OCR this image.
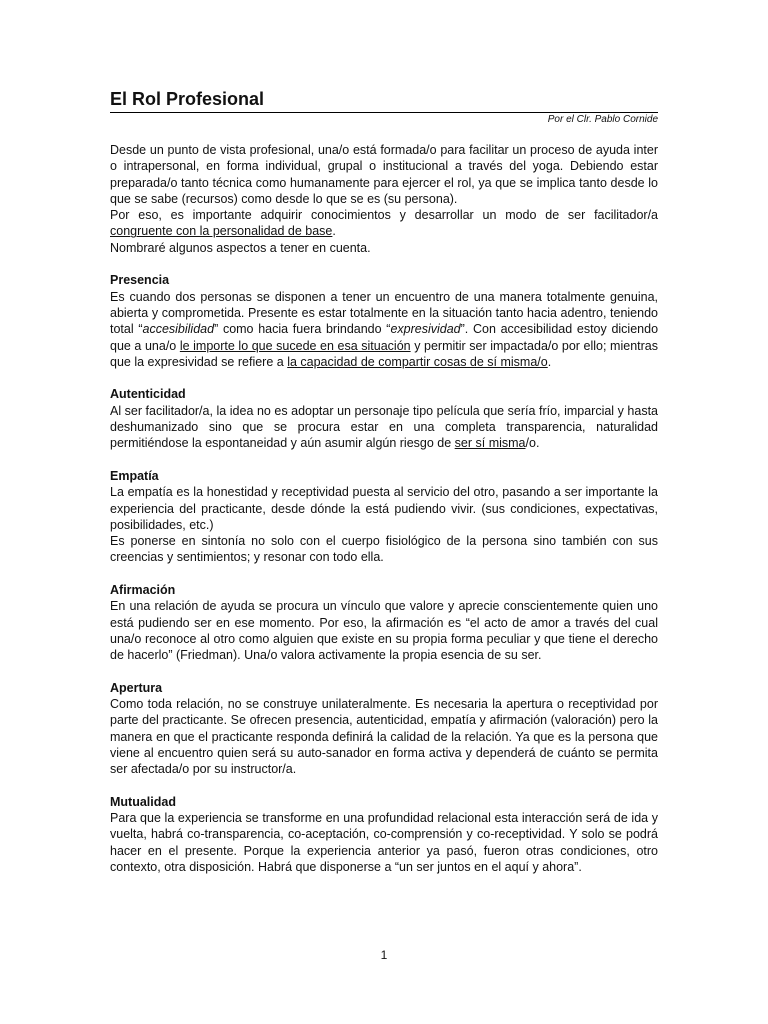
El Rol Profesional
Por el Clr. Pablo Cornide

Desde un punto de vista profesional, una/o está formada/o para facilitar un proceso de ayuda inter o intrapersonal, en forma individual, grupal o institucional a través del yoga. Debiendo estar preparada/o tanto técnica como humanamente para ejercer el rol, ya que se implica tanto desde lo que se sabe (recursos) como desde lo que se es (su persona).

Por eso, es importante adquirir conocimientos y desarrollar un modo de ser facilitador/a congruente con la personalidad de base.

Nombraré algunos aspectos a tener en cuenta.

Presencia

Es cuando dos personas se disponen a tener un encuentro de una manera totalmente genuina, abierta y comprometida. Presente es estar totalmente en la situación tanto hacia adentro, teniendo total “accesibilidad” como hacia fuera brindando “expresividad”. Con accesibilidad estoy diciendo que a una/o le importe lo que sucede en esa situación y permitir ser impactada/o por ello; mientras que la expresividad se refiere a la capacidad de compartir cosas de sí misma/o.

Autenticidad

Al ser facilitador/a, la idea no es adoptar un personaje tipo película que sería frío, imparcial y hasta deshumanizado sino que se procura estar en una completa transparencia, naturalidad permitiéndose la espontaneidad y aún asumir algún riesgo de ser sí misma/o.

Empatía

La empatía es la honestidad y receptividad puesta al servicio del otro, pasando a ser importante la experiencia del practicante, desde dónde la está pudiendo vivir. (sus condiciones, expectativas, posibilidades, etc.)

Es ponerse en sintonía no solo con el cuerpo fisiológico de la persona sino también con sus creencias y sentimientos; y resonar con todo ella.

Afirmación

En una relación de ayuda se procura un vínculo que valore y aprecie conscientemente quien uno está pudiendo ser en ese momento. Por eso, la afirmación es “el acto de amor a través del cual una/o reconoce al otro como alguien que existe en su propia forma peculiar y que tiene el derecho de hacerlo” (Friedman). Una/o valora activamente la propia esencia de su ser.

Apertura

Como toda relación, no se construye unilateralmente. Es necesaria la apertura o receptividad por parte del practicante. Se ofrecen presencia, autenticidad, empatía y afirmación (valoración) pero la manera en que el practicante responda definirá la calidad de la relación. Ya que es la persona que viene al encuentro quien será su auto-sanador en forma activa y dependerá de cuánto se permita ser afectada/o por su instructor/a.

Mutualidad

Para que la experiencia se transforme en una profundidad relacional esta interacción será de ida y vuelta, habrá co-transparencia, co-aceptación, co-comprensión y co-receptividad. Y solo se podrá hacer en el presente. Porque la experiencia anterior ya pasó, fueron otras condiciones, otro contexto, otra disposición. Habrá que disponerse a “un ser juntos en el aquí y ahora”.

1
